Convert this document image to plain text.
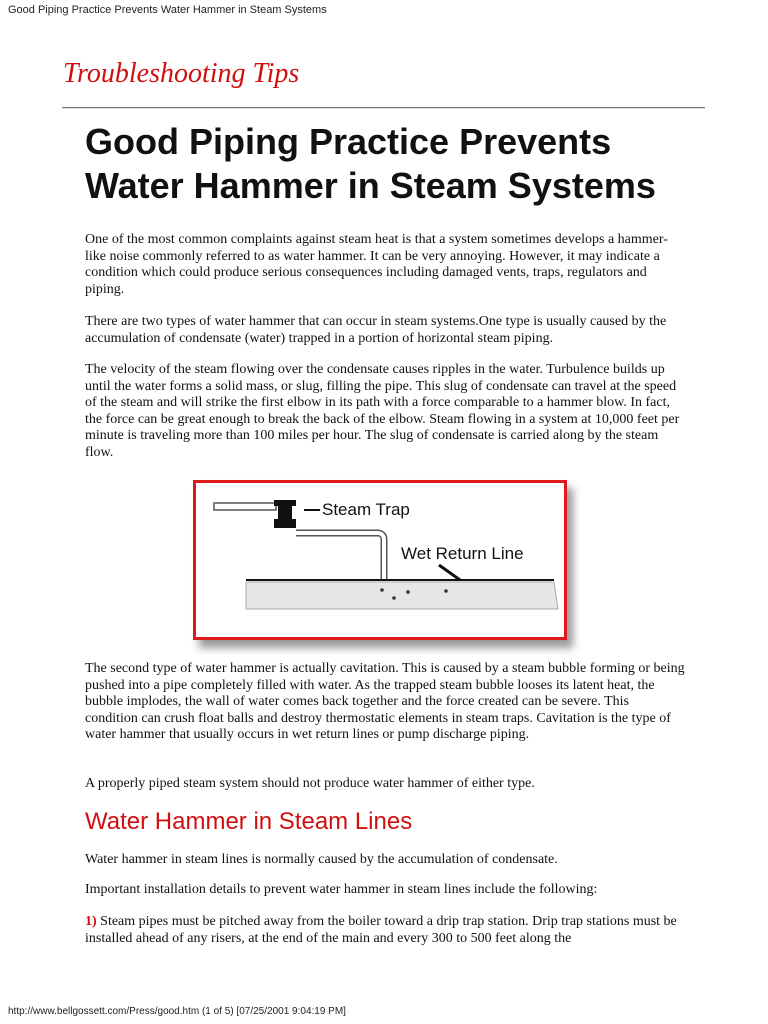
Good Piping Practice Prevents Water Hammer in Steam Systems
Troubleshooting Tips
Good Piping Practice Prevents Water Hammer in Steam Systems

One of the most common complaints against steam heat is that a system sometimes develops a hammer-like noise commonly referred to as water hammer. It can be very annoying. However, it may indicate a condition which could produce serious consequences including damaged vents, traps, regulators and piping.

There are two types of water hammer that can occur in steam systems.One type is usually caused by the accumulation of condensate (water) trapped in a portion of horizontal steam piping.

The velocity of the steam flowing over the condensate causes ripples in the water. Turbulence builds up until the water forms a solid mass, or slug, filling the pipe. This slug of condensate can travel at the speed of the steam and will strike the first elbow in its path with a force comparable to a hammer blow. In fact, the force can be great enough to break the back of the elbow. Steam flowing in a system at 10,000 feet per minute is traveling more than 100 miles per hour. The slug of condensate is carried along by the steam flow.

Steam Trap
Wet Return Line

The second type of water hammer is actually cavitation. This is caused by a steam bubble forming or being pushed into a pipe completely filled with water. As the trapped steam bubble looses its latent heat, the bubble implodes, the wall of water comes back together and the force created can be severe. This condition can crush float balls and destroy thermostatic elements in steam traps. Cavitation is the type of water hammer that usually occurs in wet return lines or pump discharge piping.

A properly piped steam system should not produce water hammer of either type.

Water Hammer in Steam Lines

Water hammer in steam lines is normally caused by the accumulation of condensate.

Important installation details to prevent water hammer in steam lines include the following:

1) Steam pipes must be pitched away from the boiler toward a drip trap station. Drip trap stations must be installed ahead of any risers, at the end of the main and every 300 to 500 feet along the

http://www.bellgossett.com/Press/good.htm (1 of 5) [07/25/2001 9:04:19 PM]
